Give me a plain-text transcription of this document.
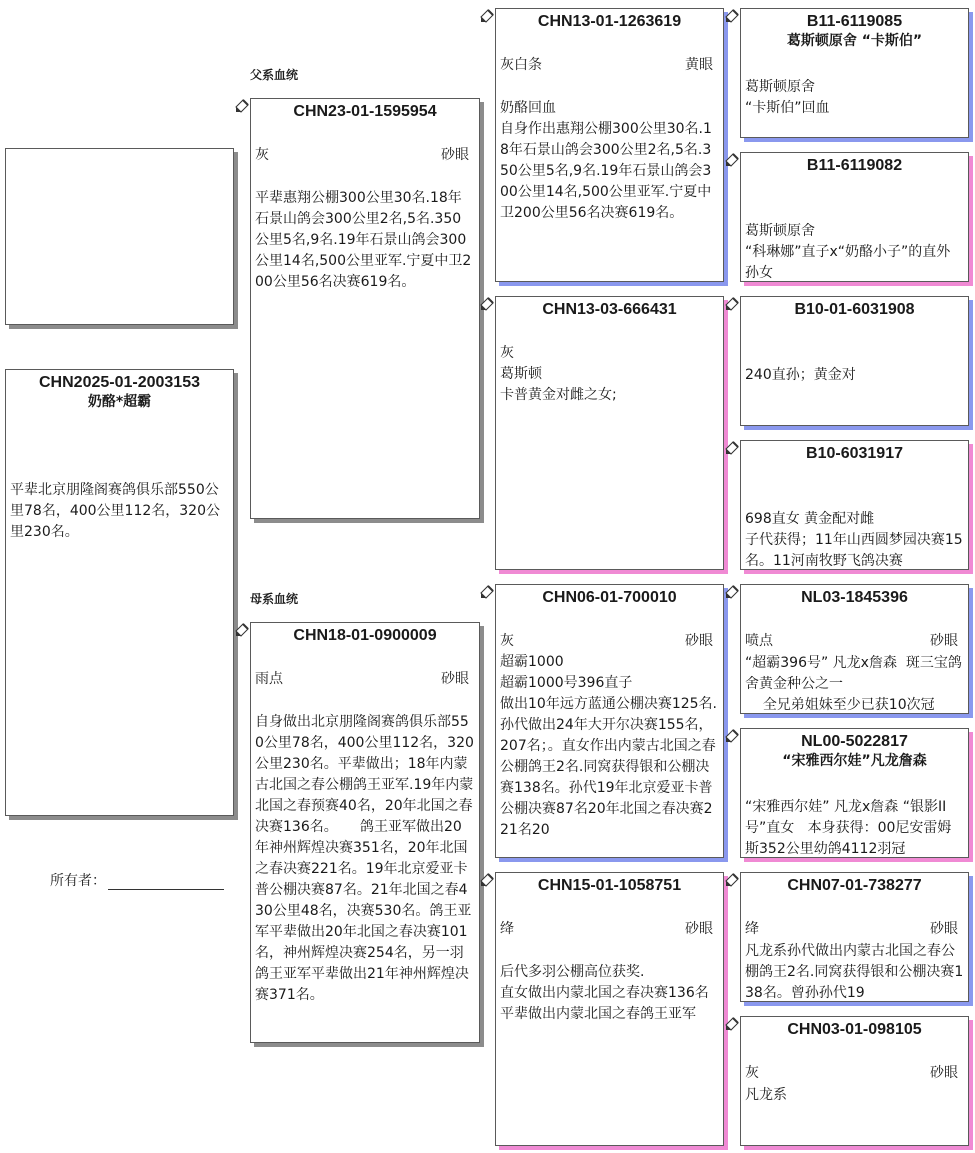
CHN2025-01-2003153
奶酪*超霸
平辈北京朋隆阁赛鸽俱乐部550公里78名，400公里112名，320公里230名。
所有者：
父系血统
母系血统
CHN23-01-1595954
灰	砂眼
平辈惠翔公棚300公里30名.18年石景山鸽会300公里2名,5名.350公里5名,9名.19年石景山鸽会300公里14名,500公里亚军.宁夏中卫200公里56名决赛619名。
CHN18-01-0900009
雨点	砂眼
自身做出北京朋隆阁赛鸽俱乐部550公里78名，400公里112名，320公里230名。平辈做出；18年内蒙古北国之春公棚鸽王亚军.19年内蒙北国之春预赛40名，20年北国之春决赛136名。     鸽王亚军做出20年神州辉煌决赛351名，20年北国之春决赛221名。19年北京爱亚卡普公棚决赛87名。21年北国之春430公里48名，决赛530名。鸽王亚军平辈做出20年北国之春决赛101名，神州辉煌决赛254名，另一羽鸽王亚军平辈做出21年神州辉煌决赛371名。
CHN13-01-1263619
灰白条	黄眼
奶酪回血
自身作出惠翔公棚300公里30名.18年石景山鸽会300公里2名,5名.350公里5名,9名.19年石景山鸽会300公里14名,500公里亚军.宁夏中卫200公里56名决赛619名。
CHN13-03-666431
灰
葛斯顿
卡普黄金对雌之女;
CHN06-01-700010
灰	砂眼
超霸1000
超霸1000号396直子
做出10年远方蓝通公棚决赛125名.
孙代做出24年大开尔决赛155名，207名；。直女作出内蒙古北国之春公棚鸽王2名.同窝获得银和公棚决赛138名。孙代19年北京爱亚卡普公棚决赛87名20年北国之春决赛221名20
CHN15-01-1058751
绛	砂眼
后代多羽公棚高位获奖.
直女做出内蒙北国之春决赛136名
平辈做出内蒙北国之春鸽王亚军
B11-6119085
葛斯顿原舍 “卡斯伯”
葛斯顿原舍
“卡斯伯”回血
B11-6119082
葛斯顿原舍
“科琳娜”直子x“奶酪小子”的直外孙女
B10-01-6031908
240直孙；黄金对
B10-6031917
698直女 黄金配对雌
子代获得；11年山西圆梦园决赛15名。11河南牧野飞鸽决赛
NL03-1845396
喷点	砂眼
“超霸396号” 凡龙x詹森  斑三宝鸽舍黄金种公之一
全兄弟姐妹至少已获10次冠
NL00-5022817
“宋雅西尔娃”凡龙詹森
“宋雅西尔娃” 凡龙x詹森 “银影II号”直女   本身获得：00尼安雷姆斯352公里幼鸽4112羽冠
CHN07-01-738277
绛	砂眼
凡龙系孙代做出内蒙古北国之春公棚鸽王2名.同窝获得银和公棚决赛138名。曾孙孙代19
CHN03-01-098105
灰	砂眼
凡龙系
